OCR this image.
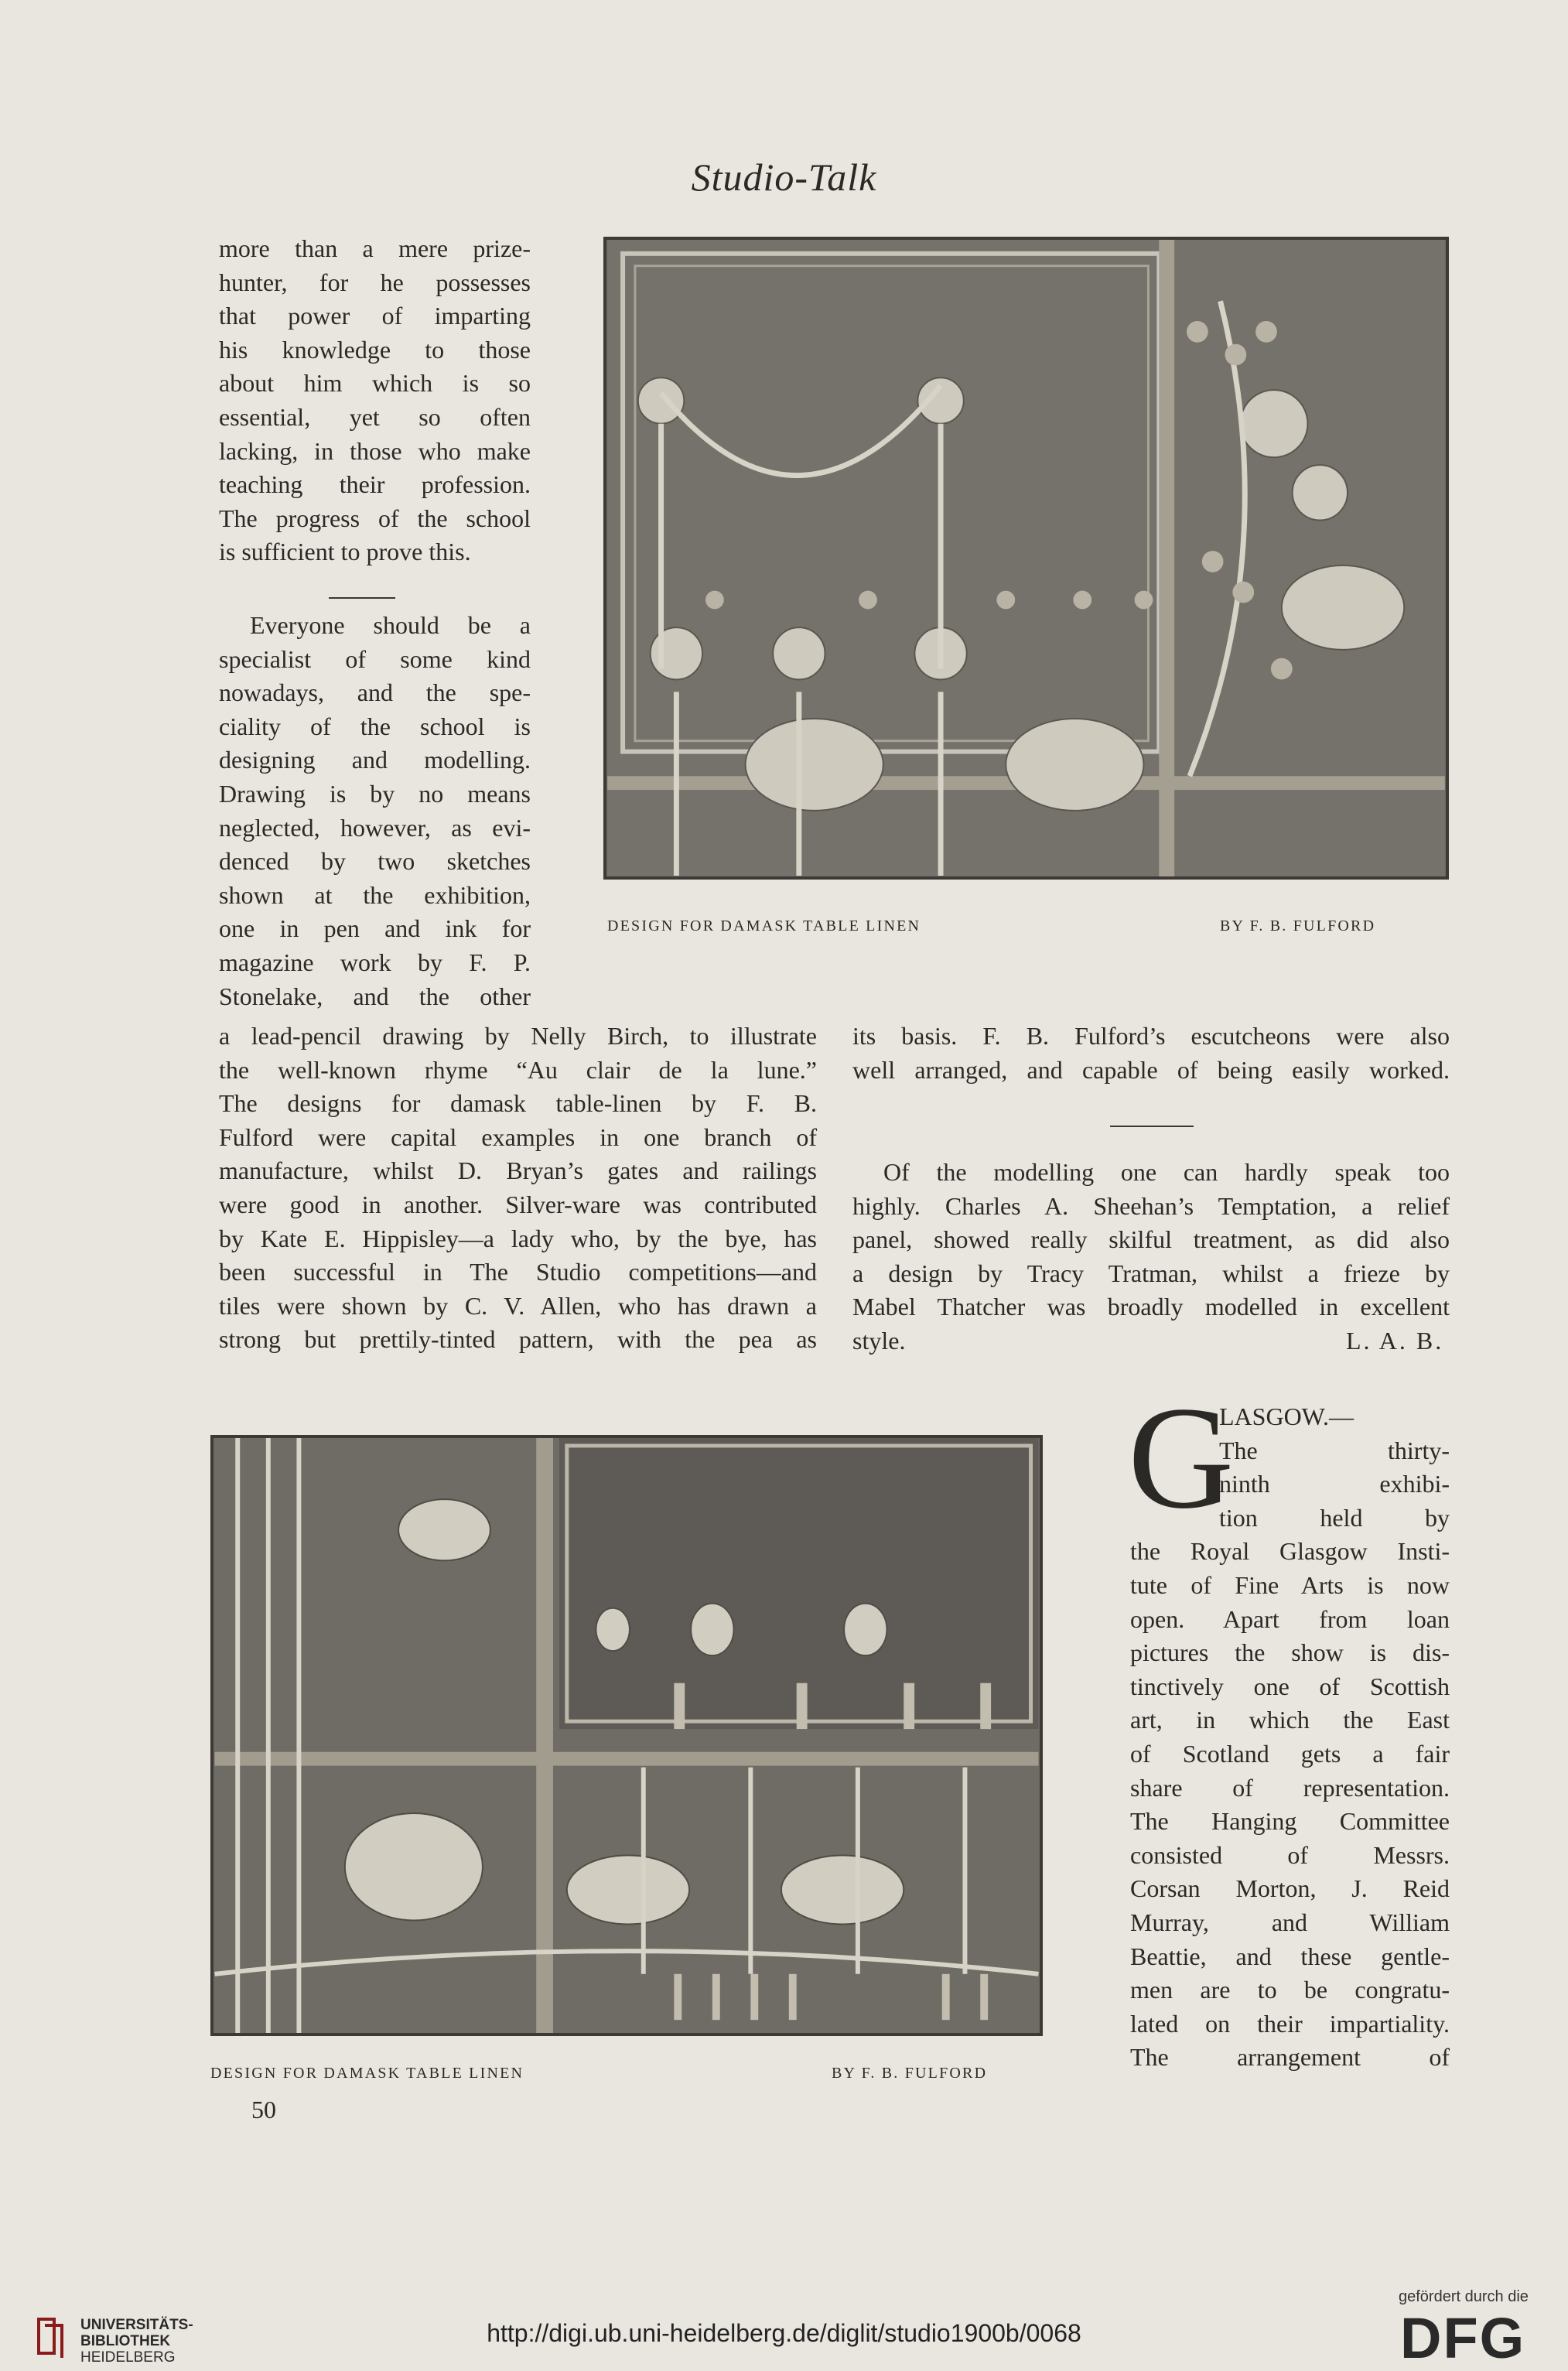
Studio-Talk
more than a mere prize-
hunter, for he possesses
that power of imparting
his knowledge to those
about him which is so
essential, yet so often
lacking, in those who make
teaching their profession.
The progress of the school
is sufficient to prove this.
Everyone should be a
specialist of some kind
nowadays, and the spe-
ciality of the school is
designing and modelling.
Drawing is by no means
neglected, however, as evi-
denced by two sketches
shown at the exhibition,
one in pen and ink for
magazine work by F. P.
Stonelake, and the other
DESIGN FOR DAMASK TABLE LINEN	BY F. B. FULFORD
a lead-pencil drawing by Nelly Birch, to illustrate
the well-known rhyme “Au clair de la lune.”
The designs for damask table-linen by F. B.
Fulford were capital examples in one branch of
manufacture, whilst D. Bryan’s gates and railings
were good in another. Silver-ware was contributed
by Kate E. Hippisley—a lady who, by the bye, has
been successful in The Studio competitions—and
tiles were shown by C. V. Allen, who has drawn a
strong but prettily-tinted pattern, with the pea as
its basis. F. B. Fulford’s escutcheons were also
well arranged, and capable of being easily worked.
Of the modelling one can hardly speak too
highly. Charles A. Sheehan’s Temptation, a relief
panel, showed really skilful treatment, as did also
a design by Tracy Tratman, whilst a frieze by
Mabel Thatcher was broadly modelled in excellent
style.	L. A. B.
DESIGN FOR DAMASK TABLE LINEN	BY F. B. FULFORD
G
LASGOW.—
The thirty-
ninth exhibi-
tion held by
the Royal Glasgow Insti-
tute of Fine Arts is now
open. Apart from loan
pictures the show is dis-
tinctively one of Scottish
art, in which the East
of Scotland gets a fair
share of representation.
The Hanging Committee
consisted of Messrs.
Corsan Morton, J. Reid
Murray, and William
Beattie, and these gentle-
men are to be congratu-
lated on their impartiality.
The arrangement of
50
UNIVERSITÄTS-
BIBLIOTHEK
HEIDELBERG
http://digi.ub.uni-heidelberg.de/diglit/studio1900b/0068
gefördert durch die
DFG
